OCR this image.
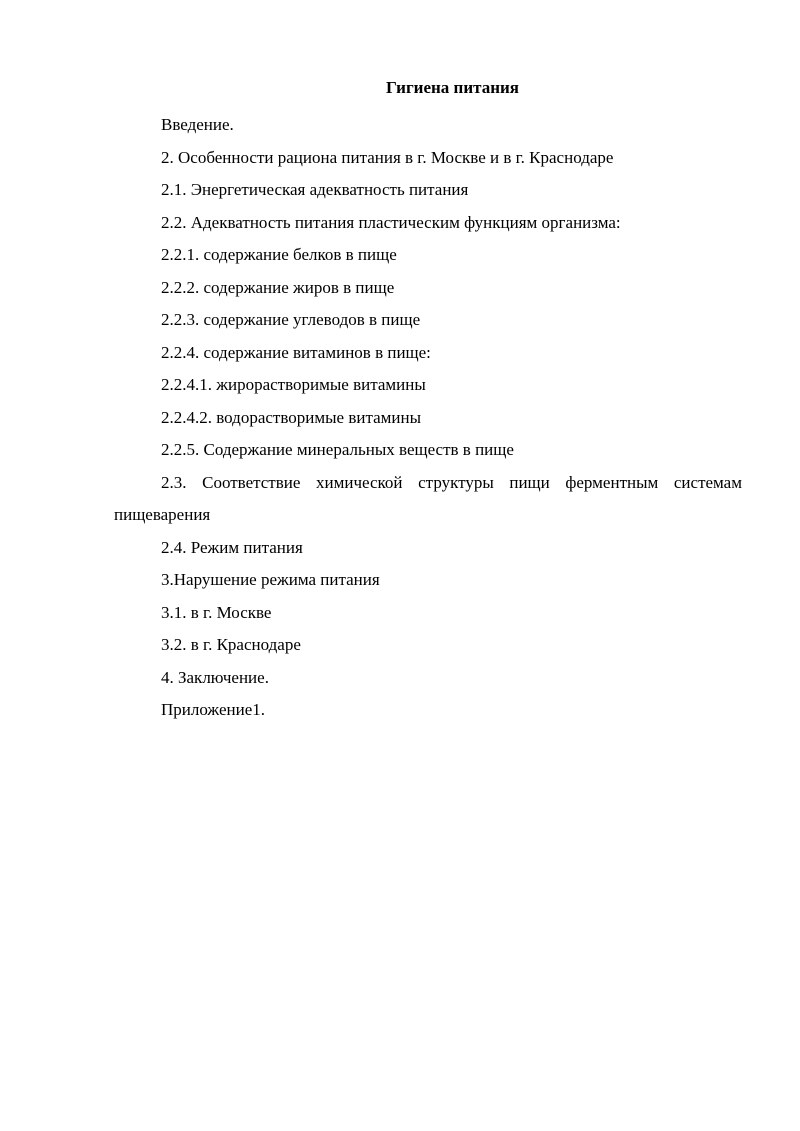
Гигиена питания

Введение.

2. Особенности рациона питания в г. Москве и в г. Краснодаре

2.1. Энергетическая адекватность питания

2.2. Адекватность питания пластическим функциям организма:

2.2.1. содержание белков в пище

2.2.2. содержание жиров в пище

2.2.3. содержание углеводов в пище

2.2.4. содержание витаминов в пище:

2.2.4.1. жирорастворимые витамины

2.2.4.2. водорастворимые витамины

2.2.5. Содержание минеральных веществ в пище

2.3. Соответствие химической структуры пищи ферментным системам пищеварения

2.4. Режим питания

3.Нарушение режима питания

3.1. в г. Москве

3.2. в г. Краснодаре

4. Заключение.

Приложение1.
